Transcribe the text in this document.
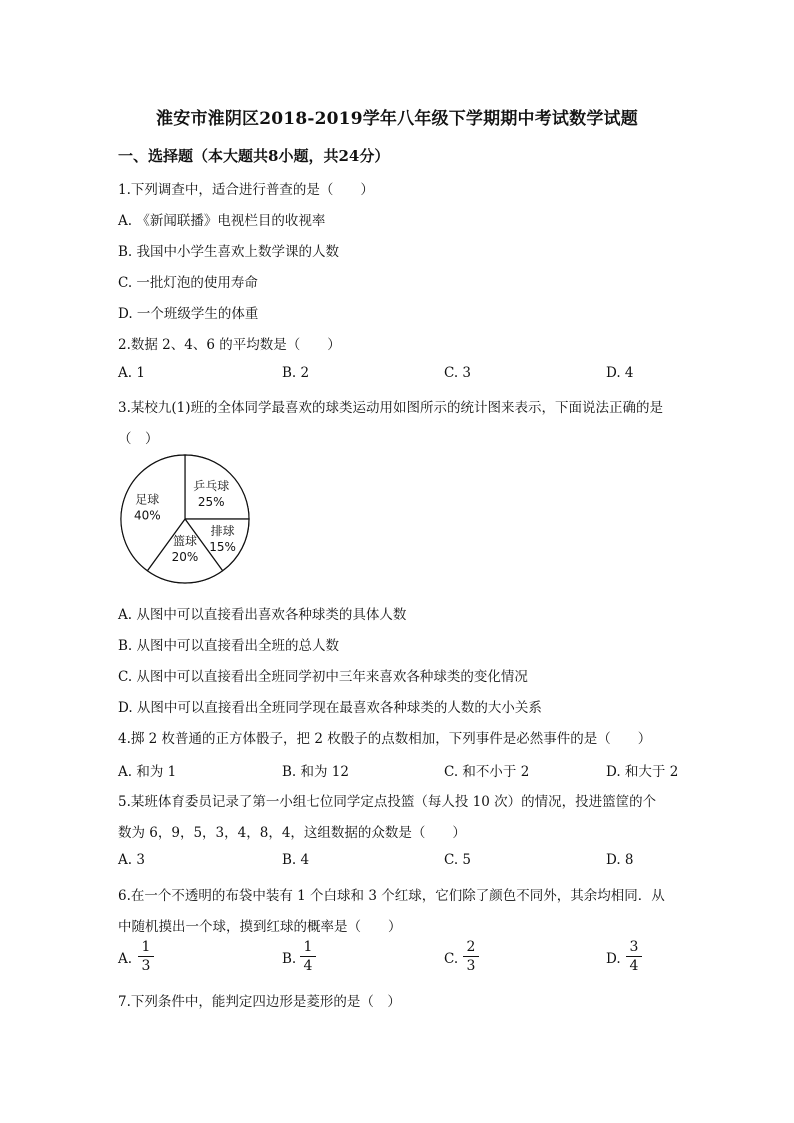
淮安市淮阴区2018-2019学年八年级下学期期中考试数学试题
一、选择题（本大题共8小题，共24分）
1.下列调查中，适合进行普查的是（　　）
A. 《新闻联播》电视栏目的收视率
B. 我国中小学生喜欢上数学课的人数
C. 一批灯泡的使用寿命
D. 一个班级学生的体重
2.数据 2、4、6 的平均数是（　　）
A. 1	B. 2	C. 3	D. 4
3.某校九(1)班的全体同学最喜欢的球类运动用如图所示的统计图来表示，下面说法正确的是
（　）
乒乓球
25%
排球
15%
篮球
20%
足球
40%
A. 从图中可以直接看出喜欢各种球类的具体人数
B. 从图中可以直接看出全班的总人数
C. 从图中可以直接看出全班同学初中三年来喜欢各种球类的变化情况
D. 从图中可以直接看出全班同学现在最喜欢各种球类的人数的大小关系
4.掷 2 枚普通的正方体骰子，把 2 枚骰子的点数相加，下列事件是必然事件的是（　　）
A. 和为 1	B. 和为 12	C. 和不小于 2	D. 和大于 2
5.某班体育委员记录了第一小组七位同学定点投篮（每人投 10 次）的情况，投进篮筐的个
数为 6，9，5，3，4，8，4，这组数据的众数是（　　）
A. 3	B. 4	C. 5	D. 8
6.在一个不透明的布袋中装有 1 个白球和 3 个红球，它们除了颜色不同外，其余均相同．从
中随机摸出一个球，摸到红球的概率是（　　）
A.
1
3	B.
1
4	C.
2
3	D.
3
4
7.下列条件中，能判定四边形是菱形的是（　）
